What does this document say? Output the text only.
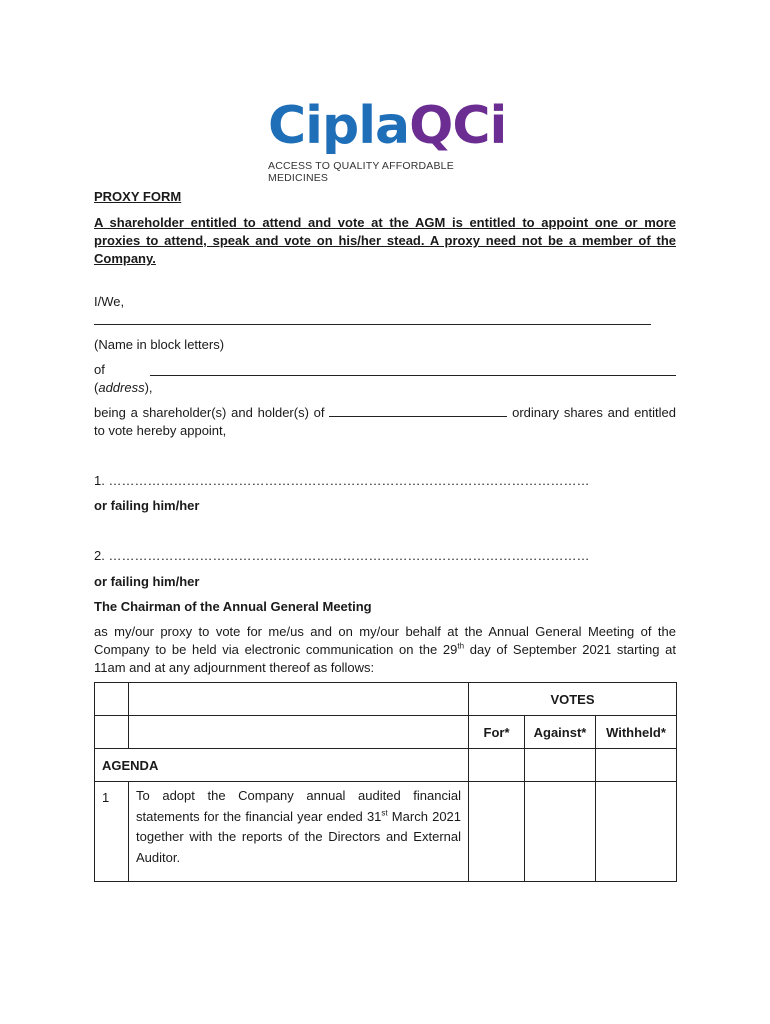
CiplaQCi
ACCESS TO QUALITY AFFORDABLE MEDICINES
PROXY FORM
A shareholder entitled to attend and vote at the AGM is entitled to appoint one or more proxies to attend, speak and vote on his/her stead. A proxy need not be a member of the Company.
I/We,
(Name in block letters)
of
(address),
being a shareholder(s) and holder(s) of	ordinary shares and entitled to vote hereby appoint,
1. …………………………………………………………………………………………………
or failing him/her
2. …………………………………………………………………………………………………
or failing him/her
The Chairman of the Annual General Meeting
as my/our proxy to vote for me/us and on my/our behalf at the Annual General Meeting of the Company to be held via electronic communication on the 29th day of September 2021 starting at 11am and at any adjournment thereof as follows:
		VOTES		
		For*	Against*	Withheld*
AGENDA				
1	To adopt the Company annual audited financial statements for the financial year ended 31st March 2021 together with the reports of the Directors and External Auditor.			
